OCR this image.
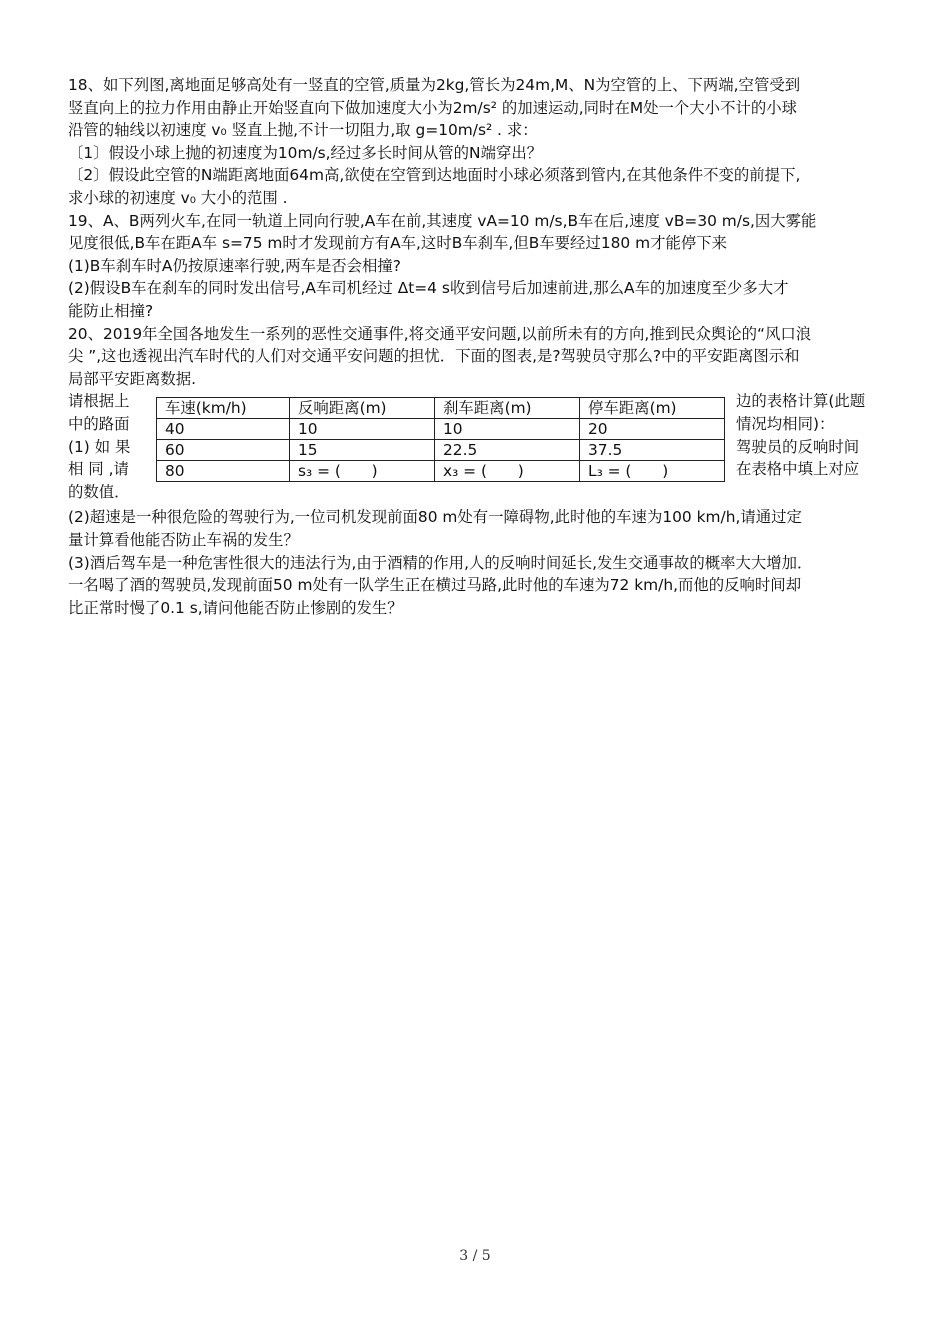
18、如下列图,离地面足够高处有一竖直的空管,质量为2kg,管长为24m,M、N为空管的上、下两端,空管受到

竖直向上的拉力作用由静止开始竖直向下做加速度大小为2m/s² 的加速运动,同时在M处一个大小不计的小球

沿管的轴线以初速度 v₀ 竖直上抛,不计一切阻力,取 g=10m/s² . 求：

〔1〕假设小球上抛的初速度为10m/s,经过多长时间从管的N端穿出？

〔2〕假设此空管的N端距离地面64m高,欲使在空管到达地面时小球必须落到管内,在其他条件不变的前提下,

求小球的初速度 v₀ 大小的范围 .

19、A、B两列火车,在同一轨道上同向行驶,A车在前,其速度 vA=10 m/s,B车在后,速度 vB=30 m/s,因大雾能

见度很低,B车在距A车 s=75 m时才发现前方有A车,这时B车刹车,但B车要经过180 m才能停下来

(1)B车刹车时A仍按原速率行驶,两车是否会相撞?

(2)假设B车在刹车的同时发出信号,A车司机经过 Δt=4 s收到信号后加速前进,那么A车的加速度至少多大才

能防止相撞?

20、2019年全国各地发生一系列的恶性交通事件,将交通平安问题,以前所未有的方向,推到民众舆论的“风口浪

尖 ”,这也透视出汽车时代的人们对交通平安问题的担忧．下面的图表,是?驾驶员守那么?中的平安距离图示和

局部平安距离数据.

请根据上
中的路面
(1) 如 果
相 同 ,请
的数值．
车速(km/h)	反响距离(m)	刹车距离(m)	停车距离(m)
40	10	10	20
60	15	22.5	37.5
80	s₃ = (　　)	x₃ = (　　)	L₃ = (　　)
边的表格计算(此题
情况均相同)：
驾驶员的反响时间
在表格中填上对应

(2)超速是一种很危险的驾驶行为,一位司机发现前面80 m处有一障碍物,此时他的车速为100 km/h,请通过定

量计算看他能否防止车祸的发生？

(3)酒后驾车是一种危害性很大的违法行为,由于酒精的作用,人的反响时间延长,发生交通事故的概率大大增加．

一名喝了酒的驾驶员,发现前面50 m处有一队学生正在横过马路,此时他的车速为72 km/h,而他的反响时间却

比正常时慢了0.1 s,请问他能否防止惨剧的发生？

3 / 5
